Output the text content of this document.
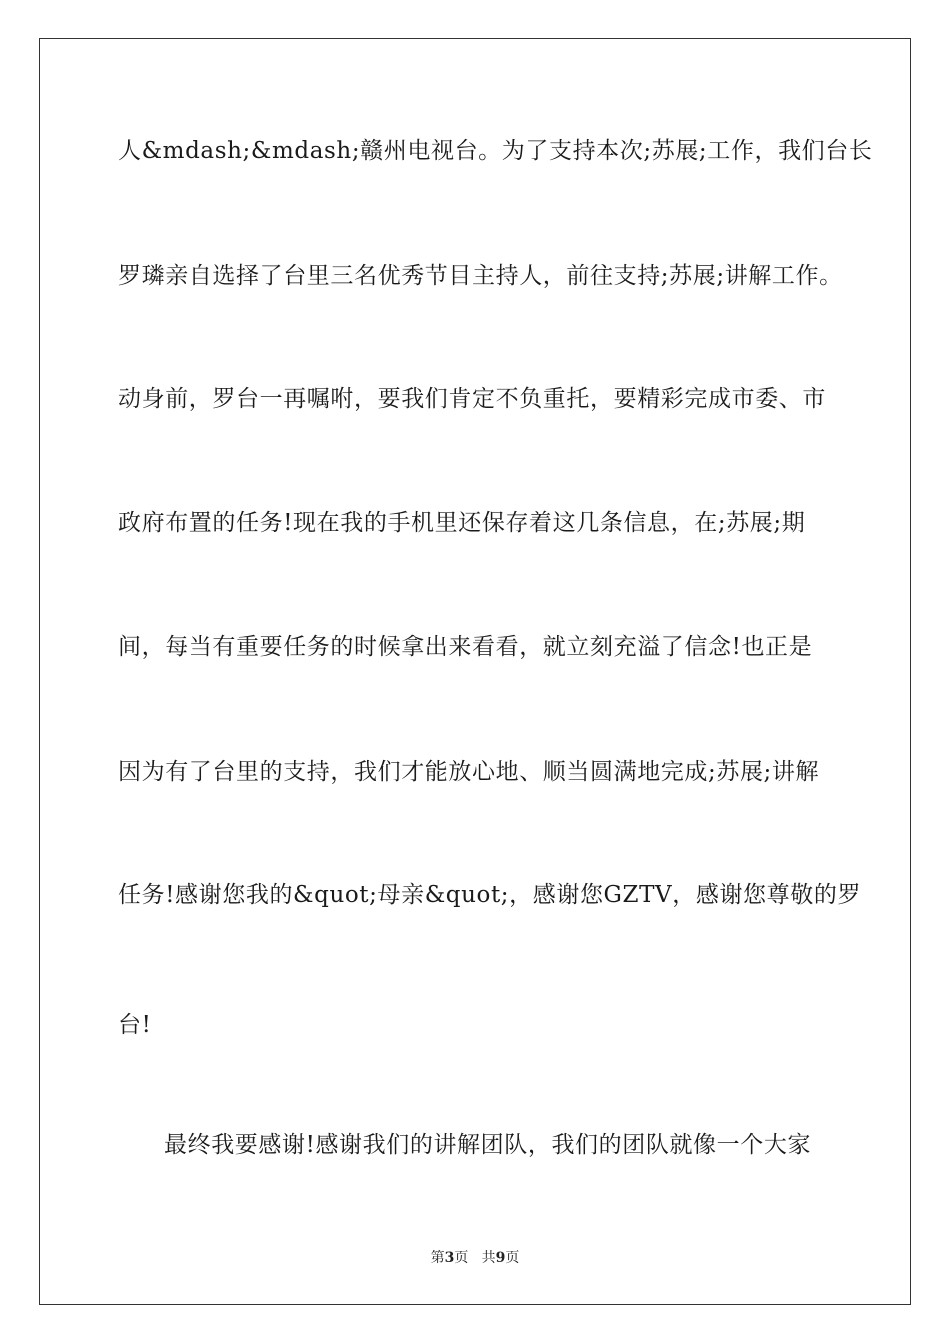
人&mdash;&mdash;赣州电视台。为了支持本次;苏展;工作，我们台长
罗璘亲自选择了台里三名优秀节目主持人，前往支持;苏展;讲解工作。
动身前，罗台一再嘱咐，要我们肯定不负重托，要精彩完成市委、市
政府布置的任务!现在我的手机里还保存着这几条信息，在;苏展;期
间，每当有重要任务的时候拿出来看看，就立刻充溢了信念!也正是
因为有了台里的支持，我们才能放心地、顺当圆满地完成;苏展;讲解
任务!感谢您我的&quot;母亲&quot;，感谢您GZTV，感谢您尊敬的罗
台!
最终我要感谢!感谢我们的讲解团队，我们的团队就像一个大家
第3页 共9页
